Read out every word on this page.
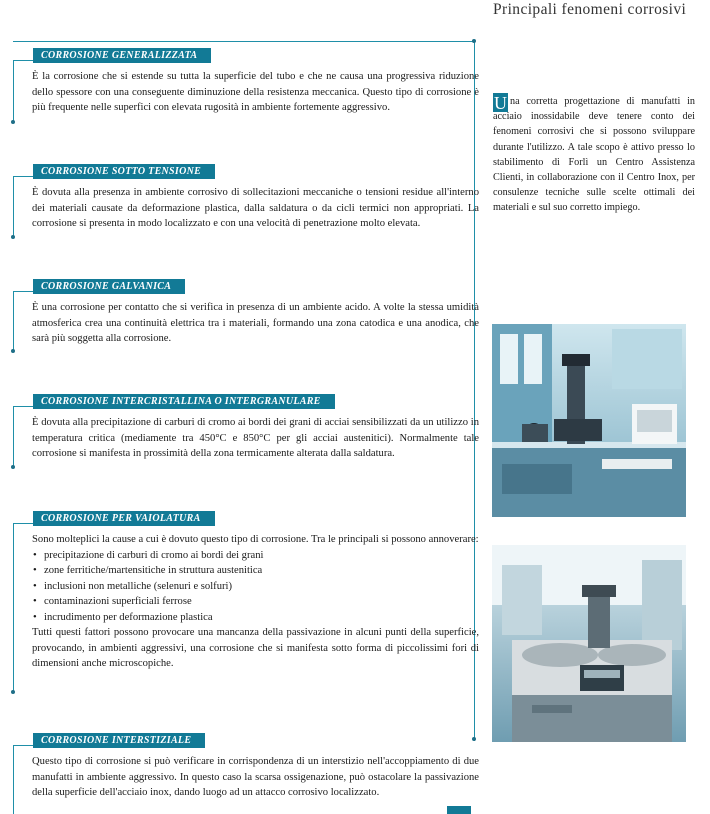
CORROSIONE GENERALIZZATA

È la corrosione che si estende su tutta la superficie del tubo e che ne causa una progressiva riduzione dello spessore con una conseguente diminuzione della resistenza meccanica. Questo tipo di corrosione è più frequente nelle superfici con elevata rugosità in ambiente fortemente aggressivo.

CORROSIONE SOTTO TENSIONE

È dovuta alla presenza in ambiente corrosivo di sollecitazioni meccaniche o tensioni residue all'interno dei materiali causate da deformazione plastica, dalla saldatura o da cicli termici non appropriati. La corrosione si presenta in modo localizzato e con una velocità di penetrazione molto elevata.

CORROSIONE GALVANICA

È una corrosione per contatto che si verifica in presenza di un ambiente acido. A volte la stessa umidità atmosferica crea una continuità elettrica tra i materiali, formando una zona catodica e una anodica, che sarà più soggetta alla corrosione.

CORROSIONE INTERCRISTALLINA O INTERGRANULARE

È dovuta alla precipitazione di carburi di cromo ai bordi dei grani di acciai sensibilizzati da un utilizzo in temperatura critica (mediamente tra 450°C e 850°C per gli acciai austenitici). Normalmente tale corrosione si manifesta in prossimità della zona termicamente alterata dalla saldatura.

CORROSIONE PER VAIOLATURA

Sono molteplici la cause a cui è dovuto questo tipo di corrosione. Tra le principali si possono annoverare:

• precipitazione di carburi di cromo ai bordi dei grani
• zone ferritiche/martensitiche in struttura austenitica
• inclusioni non metalliche (selenuri e solfuri)
• contaminazioni superficiali ferrose
• incrudimento per deformazione plastica

Tutti questi fattori possono provocare una mancanza della passivazione in alcuni punti della superficie, provocando, in ambienti aggressivi, una corrosione che si manifesta sotto forma di piccolissimi fori di dimensioni anche microscopiche.

CORROSIONE INTERSTIZIALE

Questo tipo di corrosione si può verificare in corrispondenza di un interstizio nell'accoppiamento di due manufatti in ambiente aggressivo. In questo caso la scarsa ossigenazione, può ostacolare la passivazione della superficie dell'acciaio inox, dando luogo ad un attacco corrosivo localizzato.

Principali fenomeni corrosivi
U na corretta progettazione di manufatti in acciaio inossidabile deve tenere conto dei fenomeni corrosivi che si possono sviluppare durante l'utilizzo. A tale scopo è attivo presso lo stabilimento di Forlì un Centro Assistenza Clienti, in collaborazione con il Centro Inox, per consulenze tecniche sulle scelte ottimali dei materiali e sul suo corretto impiego.
